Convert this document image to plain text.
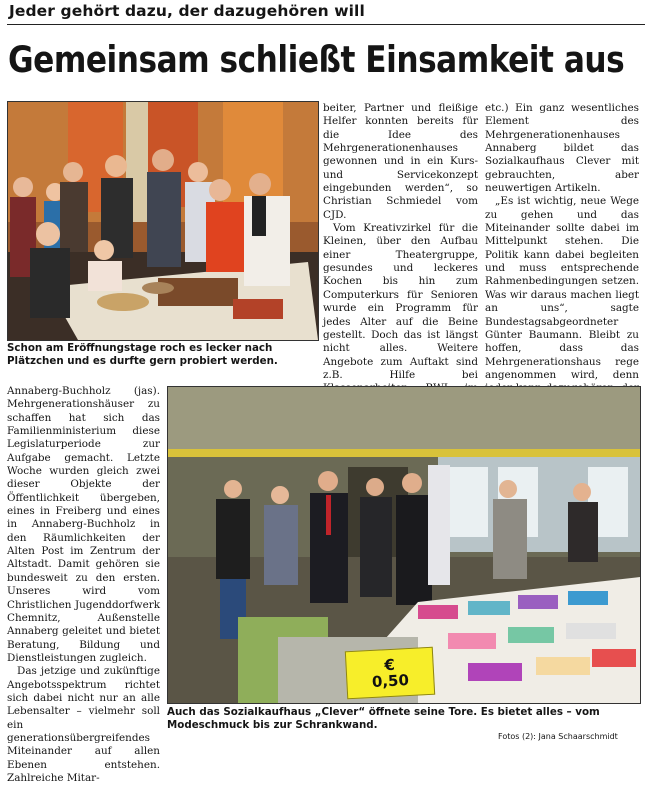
Jeder gehört dazu, der dazugehören will
Gemeinsam schließt Einsamkeit aus
Schon am Eröffnungstage roch es lecker nach Plätzchen und es durfte gern probiert werden.

beiter, Partner und fleißige Helfer konnten bereits für die Idee des Mehrgenerationenhauses gewonnen und in ein Kurs- und Servicekonzept eingebunden werden“, so Christian Schmiedel vom CJD.

Vom Kreativzirkel für die Kleinen, über den Aufbau einer Theatergruppe, gesundes und leckeres Kochen bis hin zum Computerkurs für Senioren wurde ein Programm für jedes Alter auf die Beine gestellt. Doch das ist längst nicht alles. Weitere Angebote zum Auftakt sind z.B. Hilfe bei

etc.) Ein ganz wesentliches Element des Mehrgenerationenhauses Annaberg bildet das Sozialkaufhaus Clever mit gebrauchten, aber neuwertigen Artikeln.

„Es ist wichtig, neue Wege zu gehen und das Miteinander sollte dabei im Mittelpunkt stehen. Die Politik kann dabei begleiten und muss entsprechende Rahmenbedingungen setzen. Was wir daraus machen liegt an uns“, sagte Bundestagsabgeordneter Günter Baumann. Bleibt zu hoffen, dass das Mehrgenerationshaus rege angenommen wird, denn

Annaberg-Buchholz (jas). Mehrgenerationshäuser zu schaffen hat sich das Familienministerium diese Legislaturperiode zur Aufgabe gemacht. Letzte Woche wurden gleich zwei dieser Objekte der Öffentlichkeit übergeben, eines in Freiberg und eines in Annaberg-Buchholz in den Räumlichkeiten der Alten Post im Zentrum der Altstadt. Damit gehören sie bundesweit zu den ersten. Unseres wird vom Christlichen Jugenddorfwerk Chemnitz, Außenstelle Annaberg geleitet und bietet Beratung, Bildung und Dienstleistungen zugleich.

Das jetzige und zukünftige Angebotsspektrum richtet sich dabei nicht nur an alle Lebensalter – vielmehr soll ein generationsübergreifendes Miteinander auf allen Ebenen entstehen. Zahlreiche Mitar-

€ 0,50
Auch das Sozialkaufhaus „Clever“ öffnete seine Tore. Es bietet alles – vom Modeschmuck bis zur Schrankwand.
Fotos (2): Jana Schaarschmidt
